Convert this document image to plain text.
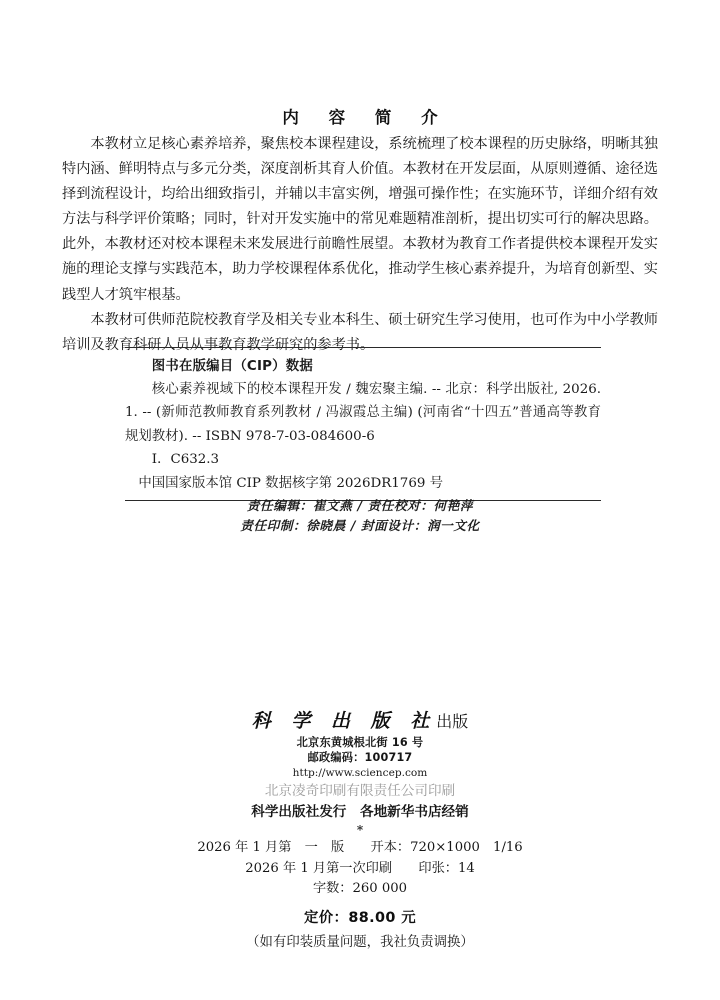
内 容 简 介

本教材立足核心素养培养，聚焦校本课程建设，系统梳理了校本课程的历史脉络，明晰其独特内涵、鲜明特点与多元分类，深度剖析其育人价值。本教材在开发层面，从原则遵循、途径选择到流程设计，均给出细致指引，并辅以丰富实例，增强可操作性；在实施环节，详细介绍有效方法与科学评价策略；同时，针对开发实施中的常见难题精准剖析，提出切实可行的解决思路。此外，本教材还对校本课程未来发展进行前瞻性展望。本教材为教育工作者提供校本课程开发实施的理论支撑与实践范本，助力学校课程体系优化，推动学生核心素养提升，为培育创新型、实践型人才筑牢根基。

本教材可供师范院校教育学及相关专业本科生、硕士研究生学习使用，也可作为中小学教师培训及教育科研人员从事教育教学研究的参考书。

图书在版编目（CIP）数据

核心素养视域下的校本课程开发 / 魏宏聚主编. -- 北京：科学出版社, 2026. 1. -- (新师范教师教育系列教材 / 冯淑霞总主编) (河南省“十四五”普通高等教育规划教材). -- ISBN 978-7-03-084600-6

Ⅰ．C632.3
中国国家版本馆 CIP 数据核字第 2026DR1769 号
责任编辑：崔文燕 / 责任校对：何艳萍
责任印制：徐晓晨 / 封面设计：润一文化
科 学 出 版 社出版
北京东黄城根北街 16 号
邮政编码：100717
http://www.sciencep.com
北京凌奇印刷有限责任公司印刷
科学出版社发行　各地新华书店经销
*
2026 年 1 月第　一　版　　开本：720×1000　1/16
2026 年 1 月第一次印刷　　印张：14
字数：260 000
定价：88.00 元
（如有印装质量问题，我社负责调换）
